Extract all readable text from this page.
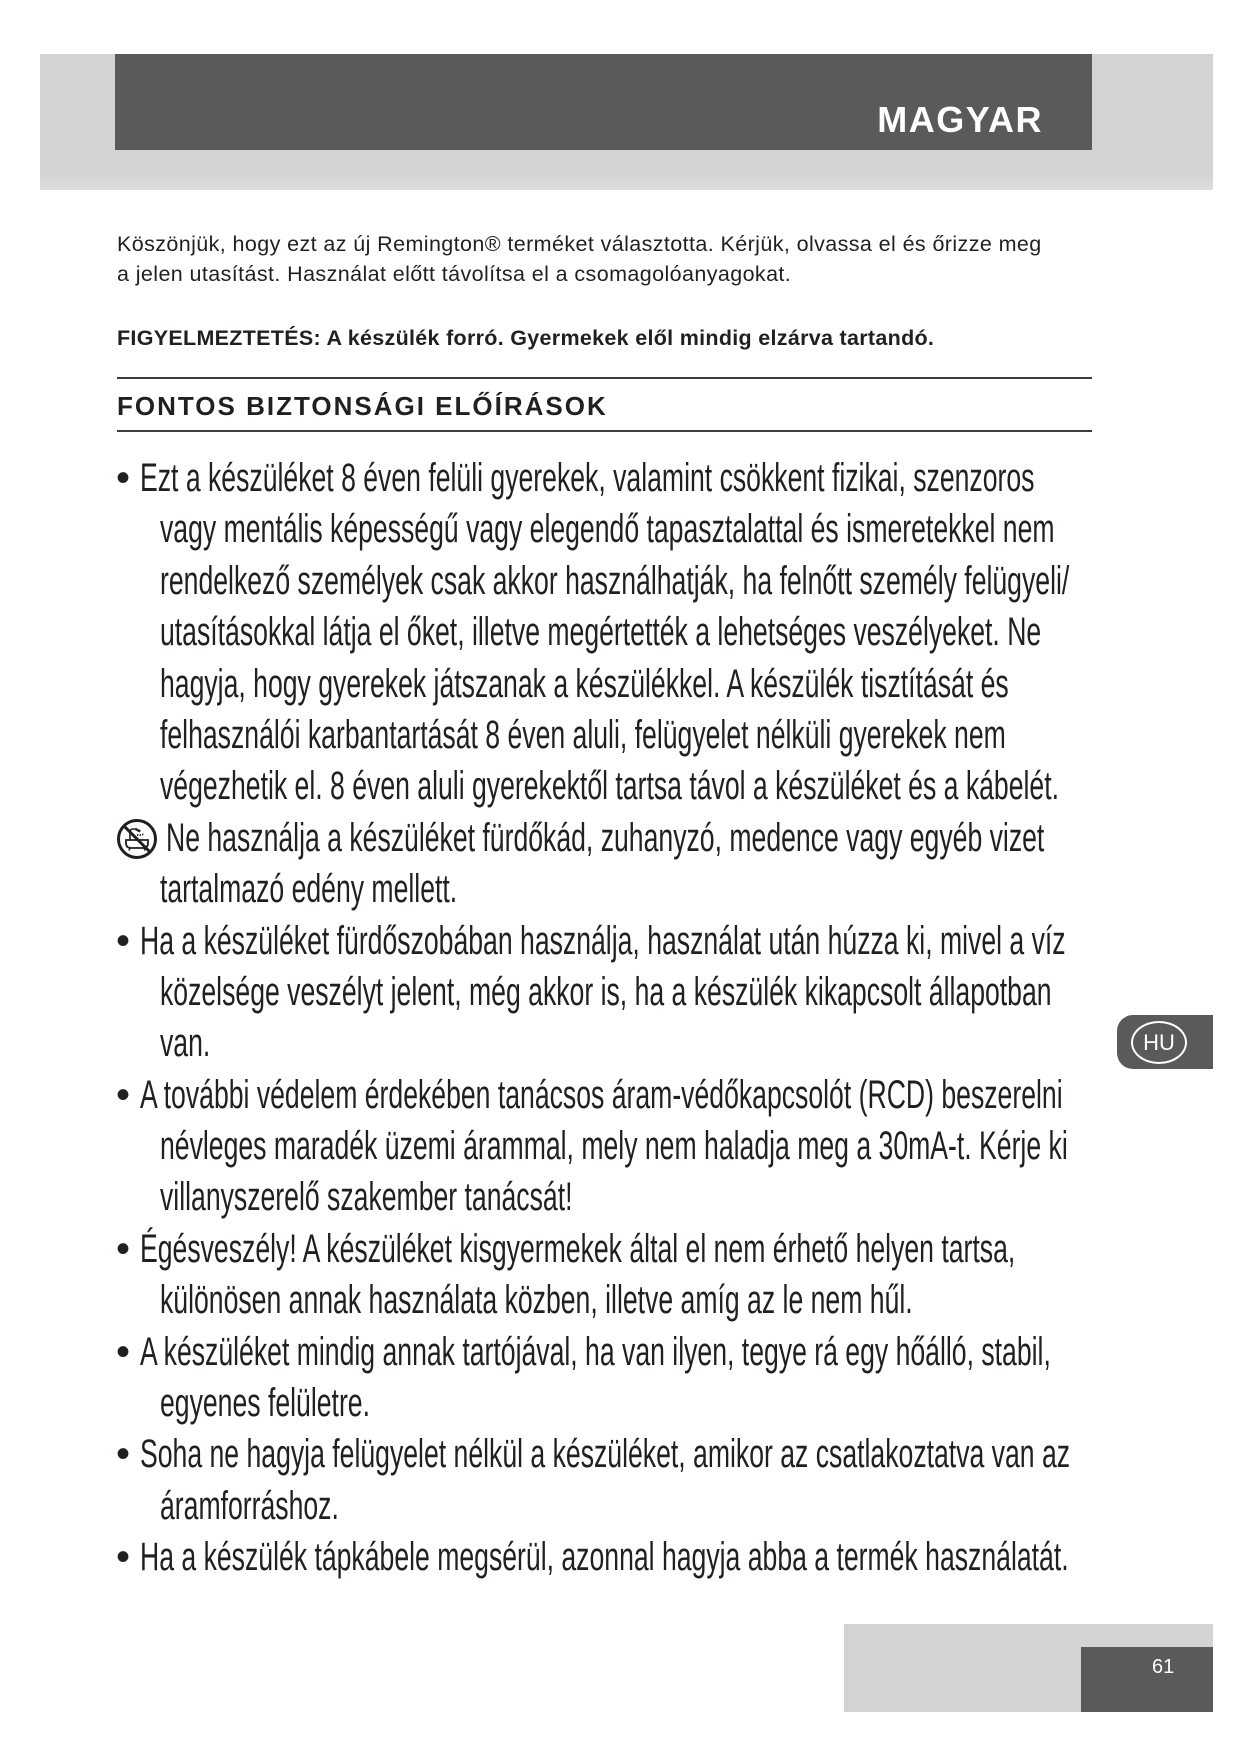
MAGYAR
Köszönjük, hogy ezt az új Remington® terméket választotta. Kérjük, olvassa el és őrizze meg
a jelen utasítást. Használat előtt távolítsa el a csomagolóanyagokat.
FIGYELMEZTETÉS: A készülék forró. Gyermekek elől mindig elzárva tartandó.
FONTOS BIZTONSÁGI ELŐÍRÁSOK
• Ezt a készüléket 8 éven felüli gyerekek, valamint csökkent fizikai, szenzoros
vagy mentális képességű vagy elegendő tapasztalattal és ismeretekkel nem
rendelkező személyek csak akkor használhatják, ha felnőtt személy felügyeli/
utasításokkal látja el őket, illetve megértették a lehetséges veszélyeket. Ne
hagyja, hogy gyerekek játszanak a készülékkel. A készülék tisztítását és
felhasználói karbantartását 8 éven aluli, felügyelet nélküli gyerekek nem
végezhetik el. 8 éven aluli gyerekektől tartsa távol a készüléket és a kábelét.
Ne használja a készüléket fürdőkád, zuhanyzó, medence vagy egyéb vizet
tartalmazó edény mellett.
• Ha a készüléket fürdőszobában használja, használat után húzza ki, mivel a víz
közelsége veszélyt jelent, még akkor is, ha a készülék kikapcsolt állapotban
van.
• A további védelem érdekében tanácsos áram-védőkapcsolót (RCD) beszerelni
névleges maradék üzemi árammal, mely nem haladja meg a 30mA-t. Kérje ki
villanyszerelő szakember tanácsát!
• Égésveszély! A készüléket kisgyermekek által el nem érhető helyen tartsa,
különösen annak használata közben, illetve amíg az le nem hűl.
• A készüléket mindig annak tartójával, ha van ilyen, tegye rá egy hőálló, stabil,
egyenes felületre.
• Soha ne hagyja felügyelet nélkül a készüléket, amikor az csatlakoztatva van az
áramforráshoz.
• Ha a készülék tápkábele megsérül, azonnal hagyja abba a termék használatát.
HU
61
